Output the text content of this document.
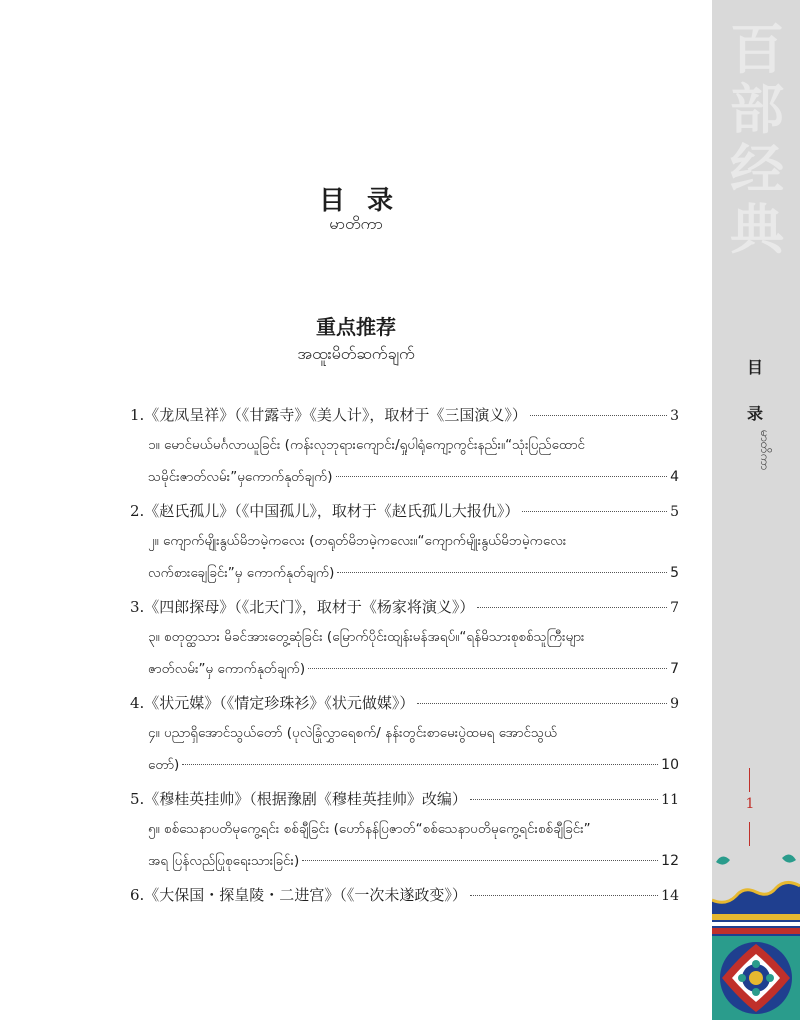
目录
မာတိကာ
重点推荐
အထူးမိတ်ဆက်ချက်
1.《龙凤呈祥》（《甘露寺》《美人计》，取材于《三国演义》）	3
၁။ မောင်မယ်မင်္ဂလာယူခြင်း (ကန်းလုဘုရားကျောင်း/ရှုပါရုံကျော့ကွင်းနည်း။“သုံးပြည်ထောင်
သမိုင်းဇာတ်လမ်း”မှကောက်နုတ်ချက်)	4
2.《赵氏孤儿》（《中国孤儿》，取材于《赵氏孤儿大报仇》）	5
၂။ ကျောက်မျိုးနွယ်မိဘမဲ့ကလေး (တရုတ်မိဘမဲ့ကလေး။“ကျောက်မျိုးနွယ်မိဘမဲ့ကလေး
လက်စားချေခြင်း”မှ ကောက်နုတ်ချက်)	5
3.《四郎探母》（《北天门》，取材于《杨家将演义》）	7
၃။ စတုတ္ထသား မိခင်အားတွေ့ဆုံခြင်း (မြောက်ပိုင်းထျန်းမန်အရပ်။“ရန်မိသားစုစစ်သူကြီးများ
ဇာတ်လမ်း”မှ ကောက်နုတ်ချက်)	7
4.《状元媒》（《情定珍珠衫》《状元做媒》）	9
၄။ ပညာရှိအောင်သွယ်တော် (ပုလဲခြုံလွှာရေစက်/ နန်းတွင်းစာမေးပွဲထမရ အောင်သွယ်
တော်)	10
5.《穆桂英挂帅》（根据豫剧《穆桂英挂帅》改编）	11
၅။ စစ်သေနာပတိမုကွေ့ရင်း စစ်ချီခြင်း (ဟော်နန်ပြဇာတ်“စစ်သေနာပတိမုကွေ့ရင်းစစ်ချီခြင်း”
အရ ပြန်လည်ပြုစုရေးသားခြင်း)	12
6.《大保国・探皇陵・二进宫》（《一次未遂政变》）	14
百
部
经
典
目
录
မာတိကာ
1
